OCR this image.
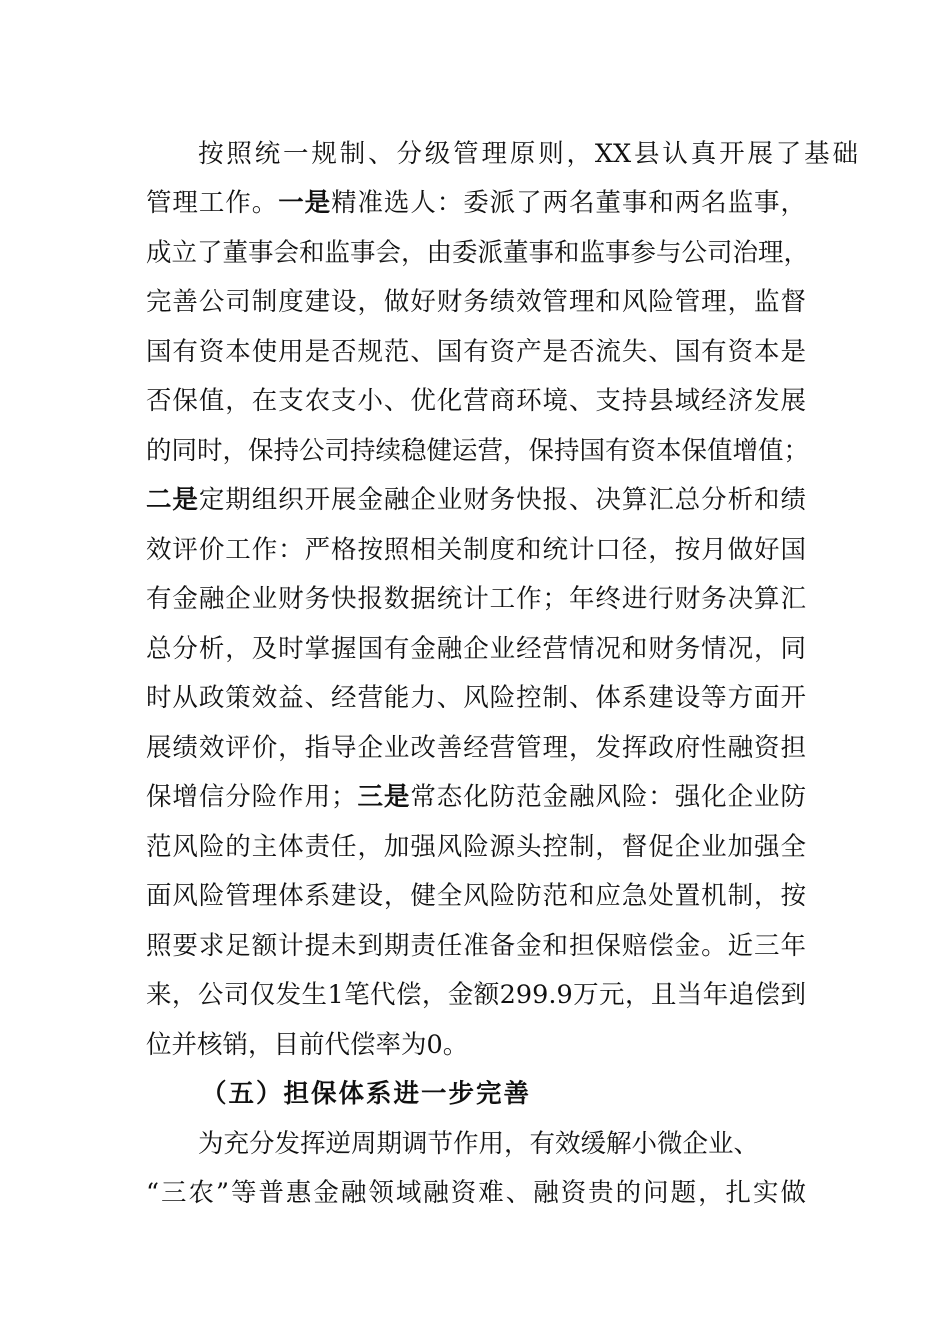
按照统一规制、分级管理原则，XX县认真开展了基础
管理工作。一是精准选人：委派了两名董事和两名监事，
成立了董事会和监事会，由委派董事和监事参与公司治理，
完善公司制度建设，做好财务绩效管理和风险管理，监督
国有资本使用是否规范、国有资产是否流失、国有资本是
否保值，在支农支小、优化营商环境、支持县域经济发展
的同时，保持公司持续稳健运营，保持国有资本保值增值；
二是定期组织开展金融企业财务快报、决算汇总分析和绩
效评价工作：严格按照相关制度和统计口径，按月做好国
有金融企业财务快报数据统计工作；年终进行财务决算汇
总分析，及时掌握国有金融企业经营情况和财务情况，同
时从政策效益、经营能力、风险控制、体系建设等方面开
展绩效评价，指导企业改善经营管理，发挥政府性融资担
保增信分险作用；三是常态化防范金融风险：强化企业防
范风险的主体责任，加强风险源头控制，督促企业加强全
面风险管理体系建设，健全风险防范和应急处置机制，按
照要求足额计提未到期责任准备金和担保赔偿金。近三年
来，公司仅发生1笔代偿，金额299.9万元，且当年追偿到
位并核销，目前代偿率为0。
（五）担保体系进一步完善
为充分发挥逆周期调节作用，有效缓解小微企业、
“三农”等普惠金融领域融资难、融资贵的问题，扎实做
